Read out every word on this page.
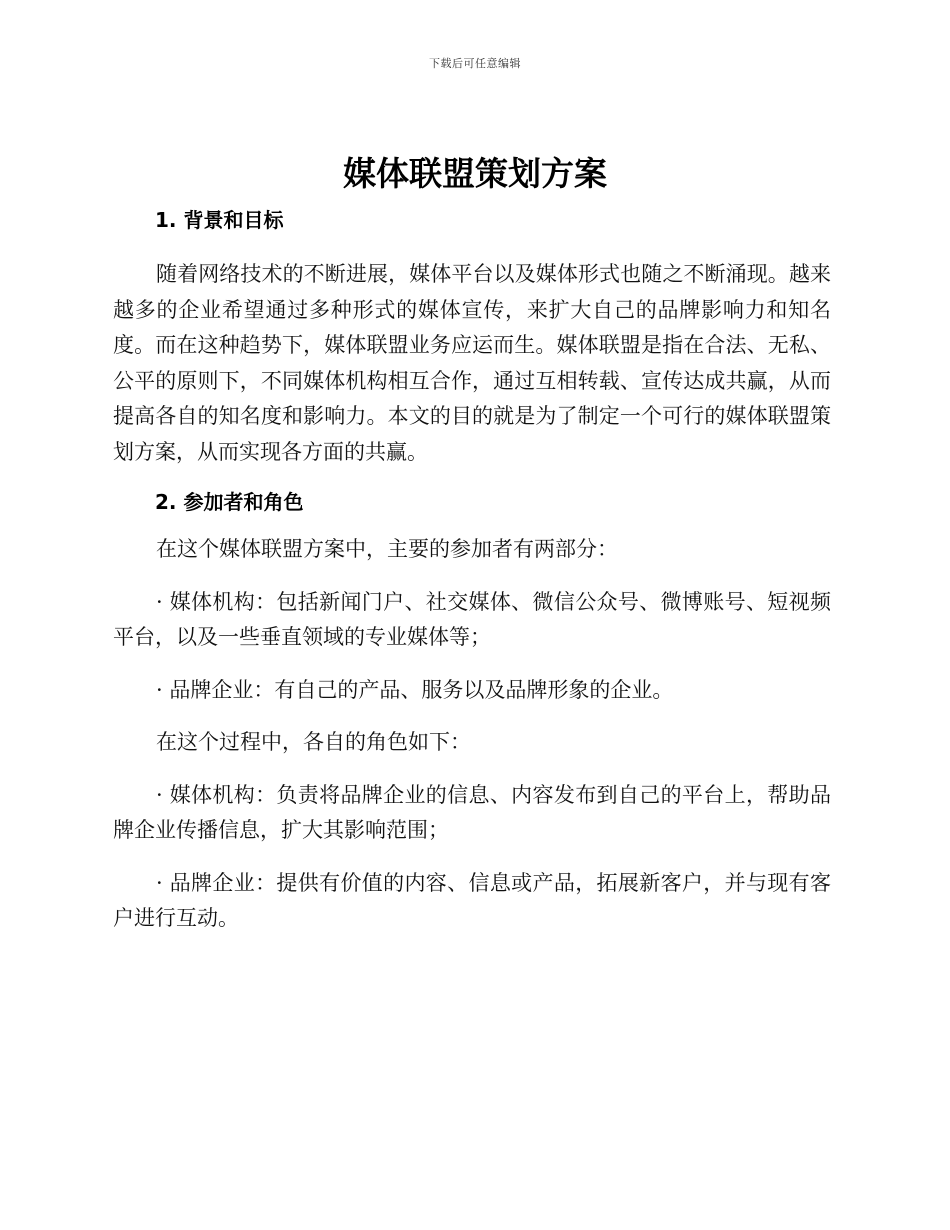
下载后可任意编辑
媒体联盟策划方案
1. 背景和目标

随着网络技术的不断进展，媒体平台以及媒体形式也随之不断涌现。越来越多的企业希望通过多种形式的媒体宣传，来扩大自己的品牌影响力和知名度。而在这种趋势下，媒体联盟业务应运而生。媒体联盟是指在合法、无私、公平的原则下，不同媒体机构相互合作，通过互相转载、宣传达成共赢，从而提高各自的知名度和影响力。本文的目的就是为了制定一个可行的媒体联盟策划方案，从而实现各方面的共赢。

2. 参加者和角色

在这个媒体联盟方案中，主要的参加者有两部分：

· 媒体机构：包括新闻门户、社交媒体、微信公众号、微博账号、短视频平台，以及一些垂直领域的专业媒体等；

· 品牌企业：有自己的产品、服务以及品牌形象的企业。

在这个过程中，各自的角色如下：

· 媒体机构：负责将品牌企业的信息、内容发布到自己的平台上，帮助品牌企业传播信息，扩大其影响范围；

· 品牌企业：提供有价值的内容、信息或产品，拓展新客户，并与现有客户进行互动。
